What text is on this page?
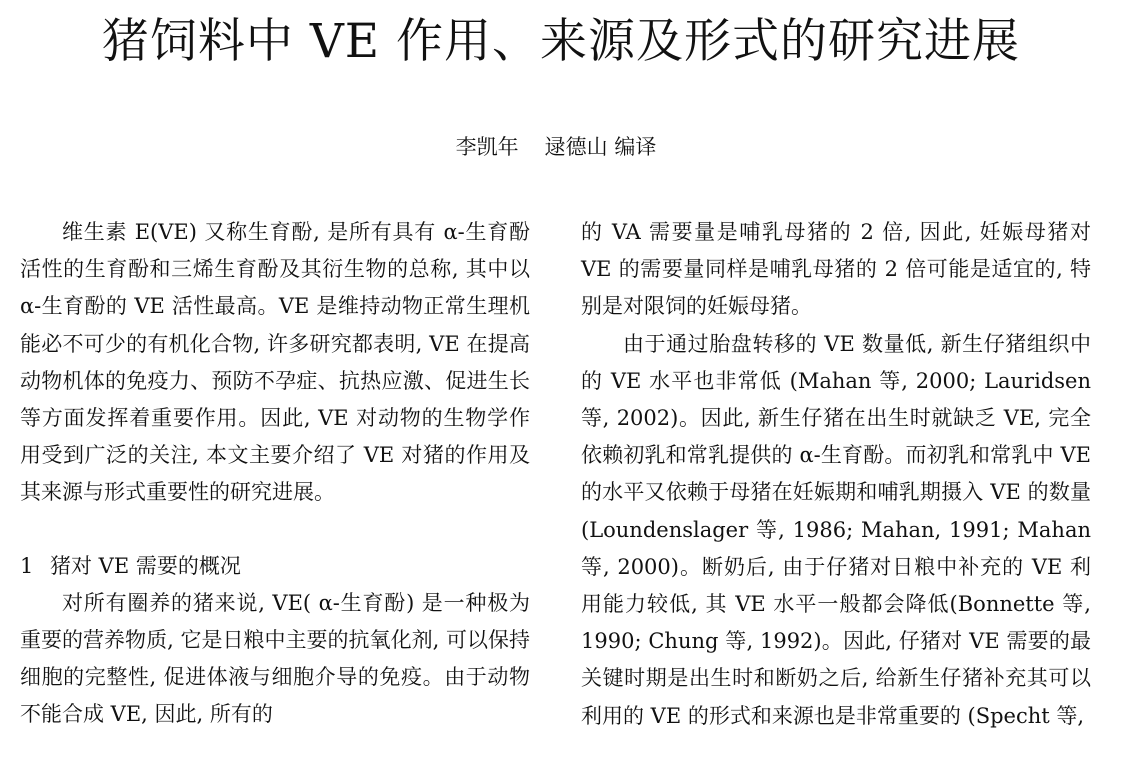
猪饲料中 VE 作用、来源及形式的研究进展
李凯年 逯德山 编译

维生素 E(VE) 又称生育酚, 是所有具有 α-生育酚活性的生育酚和三烯生育酚及其衍生物的总称, 其中以 α-生育酚的 VE 活性最高。VE 是维持动物正常生理机能必不可少的有机化合物, 许多研究都表明, VE 在提高动物机体的免疫力、预防不孕症、抗热应激、促进生长等方面发挥着重要作用。因此, VE 对动物的生物学作用受到广泛的关注, 本文主要介绍了 VE 对猪的作用及其来源与形式重要性的研究进展。

1 猪对 VE 需要的概况

对所有圈养的猪来说, VE( α-生育酚) 是一种极为重要的营养物质, 它是日粮中主要的抗氧化剂, 可以保持细胞的完整性, 促进体液与细胞介导的免疫。由于动物不能合成 VE, 因此, 所有的

的 VA 需要量是哺乳母猪的 2 倍, 因此, 妊娠母猪对 VE 的需要量同样是哺乳母猪的 2 倍可能是适宜的, 特别是对限饲的妊娠母猪。

由于通过胎盘转移的 VE 数量低, 新生仔猪组织中的 VE 水平也非常低 (Mahan 等, 2000; Lauridsen 等, 2002)。因此, 新生仔猪在出生时就缺乏 VE, 完全依赖初乳和常乳提供的 α-生育酚。而初乳和常乳中 VE 的水平又依赖于母猪在妊娠期和哺乳期摄入 VE 的数量 (Loundenslager 等, 1986; Mahan, 1991; Mahan 等, 2000)。断奶后, 由于仔猪对日粮中补充的 VE 利用能力较低, 其 VE 水平一般都会降低(Bonnette 等, 1990; Chung 等, 1992)。因此, 仔猪对 VE 需要的最关键时期是出生时和断奶之后, 给新生仔猪补充其可以利用的 VE 的形式和来源也是非常重要的 (Specht 等,
